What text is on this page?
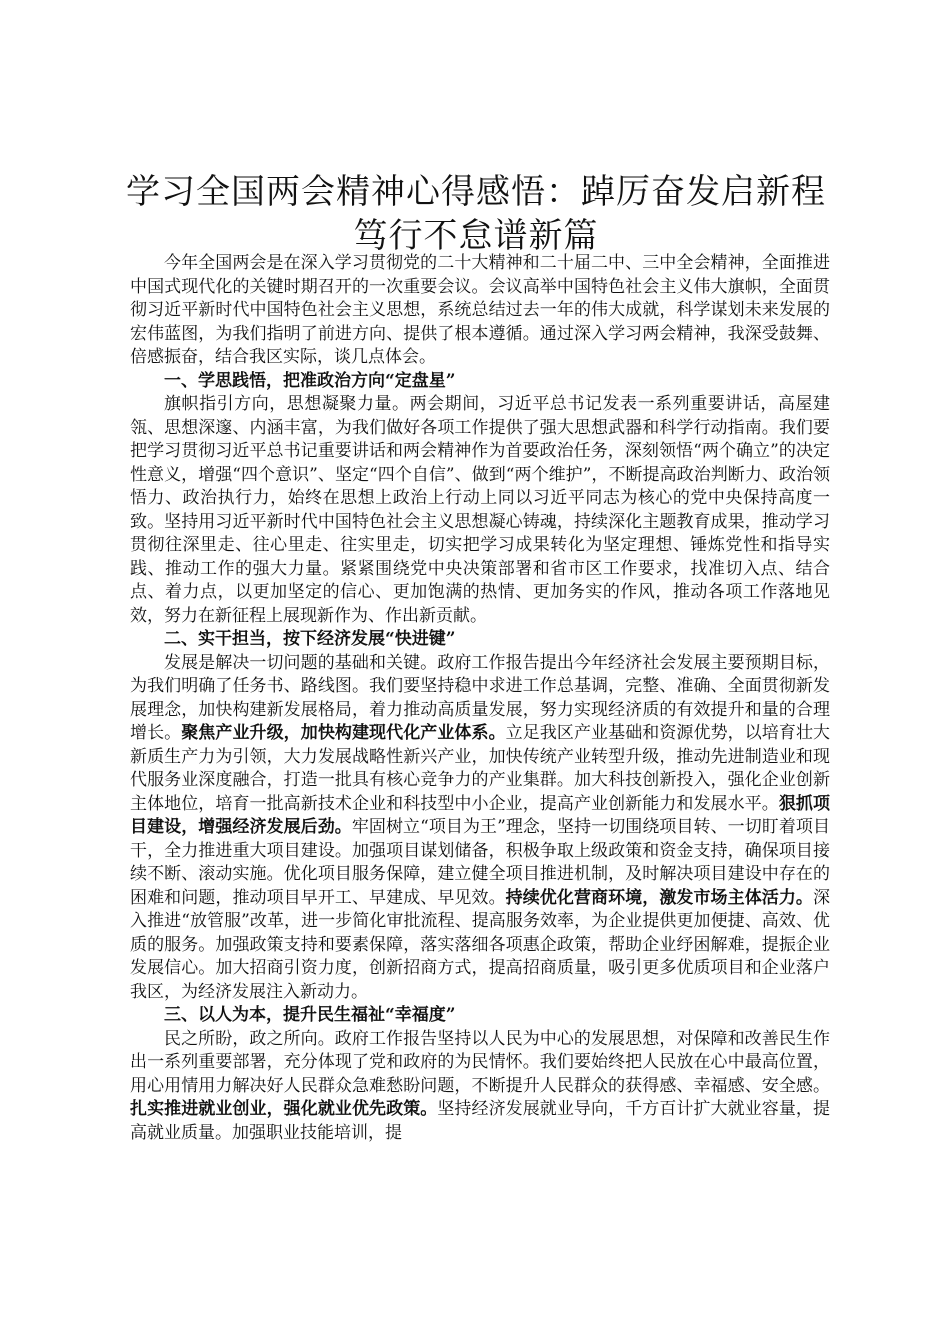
学习全国两会精神心得感悟：踔厉奋发启新程
笃行不怠谱新篇

今年全国两会是在深入学习贯彻党的二十大精神和二十届二中、三中全会精神，全面推进中国式现代化的关键时期召开的一次重要会议。会议高举中国特色社会主义伟大旗帜，全面贯彻习近平新时代中国特色社会主义思想，系统总结过去一年的伟大成就，科学谋划未来发展的宏伟蓝图，为我们指明了前进方向、提供了根本遵循。通过深入学习两会精神，我深受鼓舞、倍感振奋，结合我区实际，谈几点体会。

一、学思践悟，把准政治方向“定盘星”

旗帜指引方向，思想凝聚力量。两会期间，习近平总书记发表一系列重要讲话，高屋建瓴、思想深邃、内涵丰富，为我们做好各项工作提供了强大思想武器和科学行动指南。我们要把学习贯彻习近平总书记重要讲话和两会精神作为首要政治任务，深刻领悟“两个确立”的决定性意义，增强“四个意识”、坚定“四个自信”、做到“两个维护”，不断提高政治判断力、政治领悟力、政治执行力，始终在思想上政治上行动上同以习近平同志为核心的党中央保持高度一致。坚持用习近平新时代中国特色社会主义思想凝心铸魂，持续深化主题教育成果，推动学习贯彻往深里走、往心里走、往实里走，切实把学习成果转化为坚定理想、锤炼党性和指导实践、推动工作的强大力量。紧紧围绕党中央决策部署和省市区工作要求，找准切入点、结合点、着力点，以更加坚定的信心、更加饱满的热情、更加务实的作风，推动各项工作落地见效，努力在新征程上展现新作为、作出新贡献。

二、实干担当，按下经济发展“快进键”

发展是解决一切问题的基础和关键。政府工作报告提出今年经济社会发展主要预期目标，为我们明确了任务书、路线图。我们要坚持稳中求进工作总基调，完整、准确、全面贯彻新发展理念，加快构建新发展格局，着力推动高质量发展，努力实现经济质的有效提升和量的合理增长。聚焦产业升级，加快构建现代化产业体系。立足我区产业基础和资源优势，以培育壮大新质生产力为引领，大力发展战略性新兴产业，加快传统产业转型升级，推动先进制造业和现代服务业深度融合，打造一批具有核心竞争力的产业集群。加大科技创新投入，强化企业创新主体地位，培育一批高新技术企业和科技型中小企业，提高产业创新能力和发展水平。狠抓项目建设，增强经济发展后劲。牢固树立“项目为王”理念，坚持一切围绕项目转、一切盯着项目干，全力推进重大项目建设。加强项目谋划储备，积极争取上级政策和资金支持，确保项目接续不断、滚动实施。优化项目服务保障，建立健全项目推进机制，及时解决项目建设中存在的困难和问题，推动项目早开工、早建成、早见效。持续优化营商环境，激发市场主体活力。深入推进“放管服”改革，进一步简化审批流程、提高服务效率，为企业提供更加便捷、高效、优质的服务。加强政策支持和要素保障，落实落细各项惠企政策，帮助企业纾困解难，提振企业发展信心。加大招商引资力度，创新招商方式，提高招商质量，吸引更多优质项目和企业落户我区，为经济发展注入新动力。

三、以人为本，提升民生福祉“幸福度”

民之所盼，政之所向。政府工作报告坚持以人民为中心的发展思想，对保障和改善民生作出一系列重要部署，充分体现了党和政府的为民情怀。我们要始终把人民放在心中最高位置，用心用情用力解决好人民群众急难愁盼问题，不断提升人民群众的获得感、幸福感、安全感。扎实推进就业创业，强化就业优先政策。坚持经济发展就业导向，千方百计扩大就业容量，提高就业质量。加强职业技能培训，提
